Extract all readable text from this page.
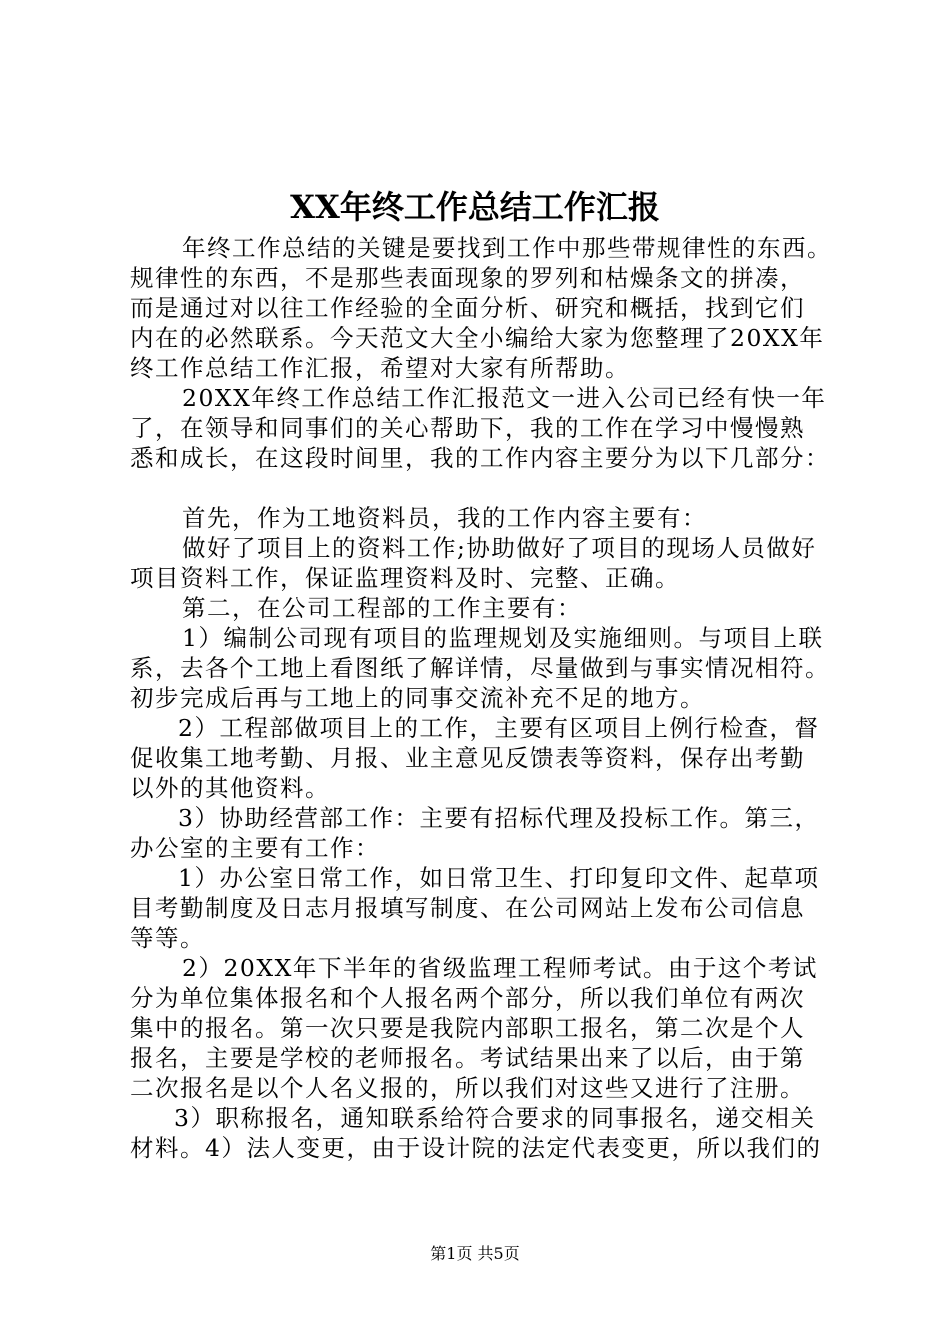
XX年终工作总结工作汇报
年终工作总结的关键是要找到工作中那些带规律性的东西。
规律性的东西，不是那些表面现象的罗列和枯燥条文的拼凑，
而是通过对以往工作经验的全面分析、研究和概括，找到它们
内在的必然联系。今天范文大全小编给大家为您整理了20XX年
终工作总结工作汇报，希望对大家有所帮助。
20XX年终工作总结工作汇报范文一进入公司已经有快一年
了，在领导和同事们的关心帮助下，我的工作在学习中慢慢熟
悉和成长，在这段时间里，我的工作内容主要分为以下几部分：
首先，作为工地资料员，我的工作内容主要有：
做好了项目上的资料工作;协助做好了项目的现场人员做好
项目资料工作，保证监理资料及时、完整、正确。
第二，在公司工程部的工作主要有：
1）编制公司现有项目的监理规划及实施细则。与项目上联
系，去各个工地上看图纸了解详情，尽量做到与事实情况相符。
初步完成后再与工地上的同事交流补充不足的地方。
2）工程部做项目上的工作，主要有区项目上例行检查，督
促收集工地考勤、月报、业主意见反馈表等资料，保存出考勤
以外的其他资料。
3）协助经营部工作：主要有招标代理及投标工作。第三，
办公室的主要有工作：
1）办公室日常工作，如日常卫生、打印复印文件、起草项
目考勤制度及日志月报填写制度、在公司网站上发布公司信息
等等。
2）20XX年下半年的省级监理工程师考试。由于这个考试
分为单位集体报名和个人报名两个部分，所以我们单位有两次
集中的报名。第一次只要是我院内部职工报名，第二次是个人
报名，主要是学校的老师报名。考试结果出来了以后，由于第
二次报名是以个人名义报的，所以我们对这些又进行了注册。
3）职称报名，通知联系给符合要求的同事报名，递交相关
材料。4）法人变更，由于设计院的法定代表变更，所以我们的
第1页 共5页
